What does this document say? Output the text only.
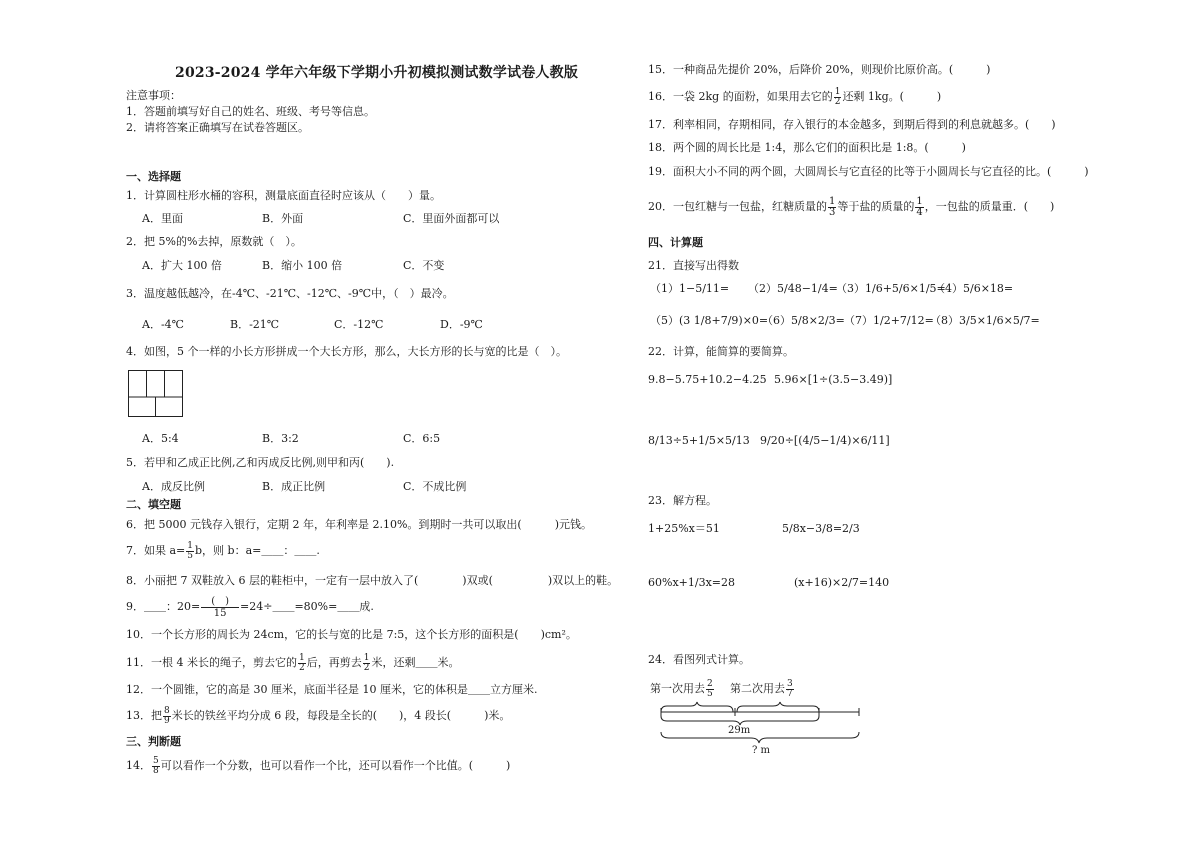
2023-2024 学年六年级下学期小升初模拟测试数学试卷人教版
注意事项：
1．答题前填写好自己的姓名、班级、考号等信息。
2．请将答案正确填写在试卷答题区。
一、选择题
1．计算圆柱形水桶的容积，测量底面直径时应该从（　　）量。
A．里面	B．外面	C．里面外面都可以
2．把 5%的%去掉，原数就（　）。
A．扩大 100 倍	B．缩小 100 倍	C．不变
3．温度越低越冷，在-4℃、-21℃、-12℃、-9℃中，（　）最冷。
A．-4℃	B．-21℃	C．-12℃	D．-9℃
4．如图，5 个一样的小长方形拼成一个大长方形，那么，大长方形的长与宽的比是（　）。
A．5:4	B．3:2	C．6:5
5．若甲和乙成正比例,乙和丙成反比例,则甲和丙(　　).
A．成反比例	B．成正比例	C．不成比例
二、填空题
6．把 5000 元钱存入银行，定期 2 年，年利率是 2.10%。到期时一共可以取出(　　　)元钱。
7．如果 $a= \frac{1}{5}$ b，则 b：a=＿＿：＿＿.
8．小丽把 7 双鞋放入 6 层的鞋柜中，一定有一层中放入了(　　　　)双或(　　　　　)双以上的鞋。
9．＿＿：$20= \frac{( )}{15}$ =24÷＿＿=80%=＿＿成.
10．一个长方形的周长为 24cm，它的长与宽的比是 7:5，这个长方形的面积是(　　)cm²。
11．一根 4 米长的绳子，剪去它的 $\frac{1}{2}$ 后，再剪去 $\frac{1}{2}$ 米，还剩＿＿米。
12．一个圆锥，它的高是 30 厘米，底面半径是 10 厘米，它的体积是＿＿立方厘米.
13．把 $\frac{8}{9}$ 米长的铁丝平均分成 6 段，每段是全长的(　　)，4 段长(　　　)米。
三、判断题
14． $\frac{5}{8}$ 可以看作一个分数，也可以看作一个比，还可以看作一个比值。(　　　)
15．一种商品先提价 20%，后降价 20%，则现价比原价高。(　　　)
16．一袋 2kg 的面粉，如果用去它的 $\frac{1}{2}$ 还剩 1kg。(　　　)
17．利率相同，存期相同，存入银行的本金越多，到期后得到的利息就越多。(　　)
18．两个圆的周长比是 1:4，那么它们的面积比是 1:8。(　　　)
19．面积大小不同的两个圆，大圆周长与它直径的比等于小圆周长与它直径的比。(　　　)
20．一包红糖与一包盐，红糖质量的 $\frac{1}{3}$ 等于盐的质量的 $\frac{1}{4}$ ，一包盐的质量重．(　　)
四、计算题
21．直接写出得数
（1）1−5/11= （2）5/48−1/4=
（3）1/6+5/6×1/5=
（4）5/6×18=
（5）(3 1/8+7/9)×0=
（6）5/8×2/3= （7）1/2+7/12=
（8）3/5×1/6×5/7=
22．计算，能简算的要简算。
9.8−5.75+10.2−4.25 5.96×[1÷(3.5−3.49)]
8/13÷5+1/5×5/13 9/20÷[(4/5−1/4)×6/11]
23．解方程。
1+25%x＝51	5/8x−3/8=2/3
60%x+1/3x=28	(x+16)×2/7=140
24．看图列式计算。
第一次用去 $\frac{2}{5}$ 第二次用去 $\frac{3}{7}$
29m
? m
